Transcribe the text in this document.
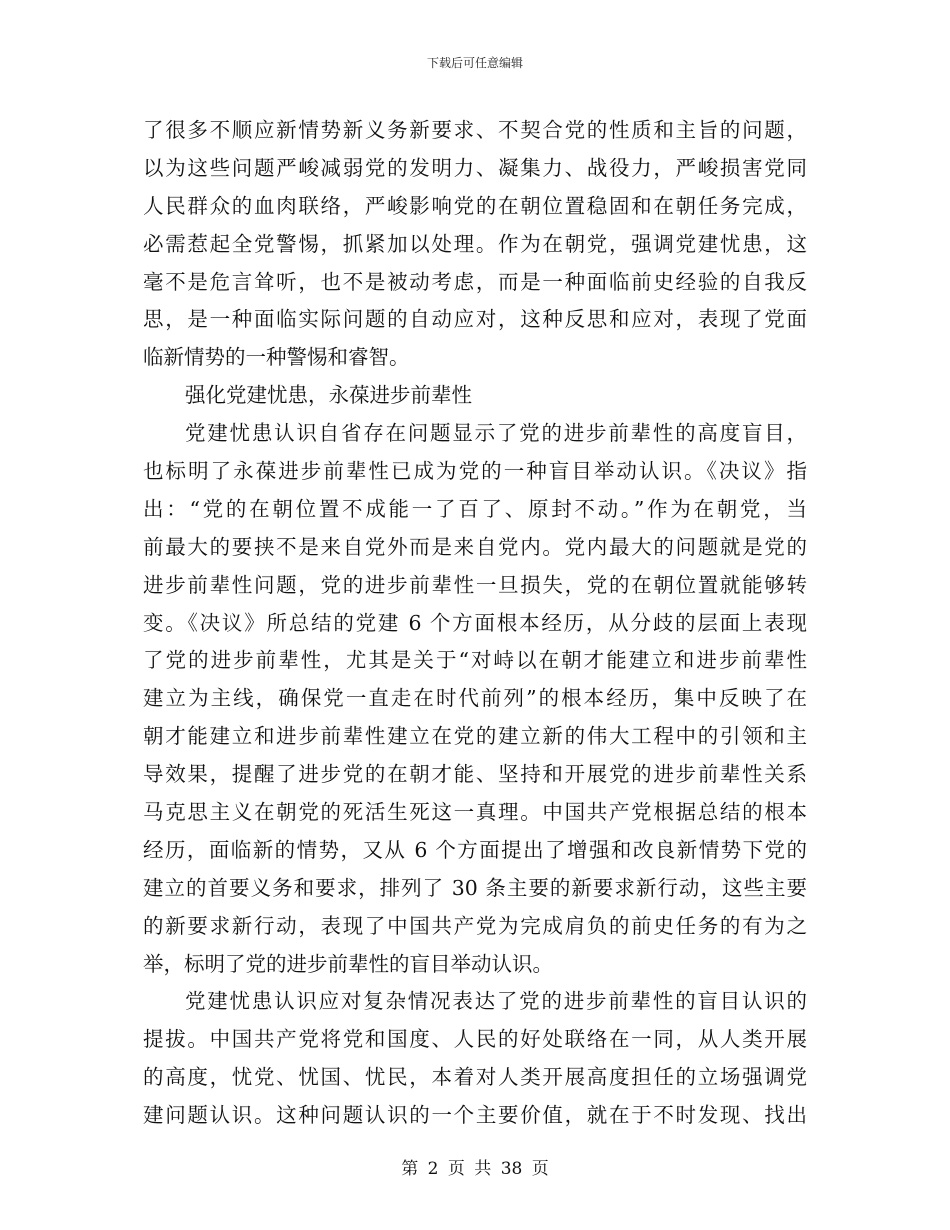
下载后可任意编辑
了很多不顺应新情势新义务新要求、不契合党的性质和主旨的问题，
以为这些问题严峻减弱党的发明力、凝集力、战役力，严峻损害党同
人民群众的血肉联络，严峻影响党的在朝位置稳固和在朝任务完成，
必需惹起全党警惕，抓紧加以处理。作为在朝党，强调党建忧患，这
毫不是危言耸听，也不是被动考虑，而是一种面临前史经验的自我反
思，是一种面临实际问题的自动应对，这种反思和应对，表现了党面
临新情势的一种警惕和睿智。
强化党建忧患，永葆进步前辈性
党建忧患认识自省存在问题显示了党的进步前辈性的高度盲目，
也标明了永葆进步前辈性已成为党的一种盲目举动认识。《决议》指
出：“党的在朝位置不成能一了百了、原封不动。”作为在朝党，当
前最大的要挟不是来自党外而是来自党内。党内最大的问题就是党的
进步前辈性问题，党的进步前辈性一旦损失，党的在朝位置就能够转
变。《决议》所总结的党建 6 个方面根本经历，从分歧的层面上表现
了党的进步前辈性，尤其是关于“对峙以在朝才能建立和进步前辈性
建立为主线，确保党一直走在时代前列”的根本经历，集中反映了在
朝才能建立和进步前辈性建立在党的建立新的伟大工程中的引领和主
导效果，提醒了进步党的在朝才能、坚持和开展党的进步前辈性关系
马克思主义在朝党的死活生死这一真理。中国共产党根据总结的根本
经历，面临新的情势，又从 6 个方面提出了增强和改良新情势下党的
建立的首要义务和要求，排列了 30 条主要的新要求新行动，这些主要
的新要求新行动，表现了中国共产党为完成肩负的前史任务的有为之
举，标明了党的进步前辈性的盲目举动认识。
党建忧患认识应对复杂情况表达了党的进步前辈性的盲目认识的
提拔。中国共产党将党和国度、人民的好处联络在一同，从人类开展
的高度，忧党、忧国、忧民，本着对人类开展高度担任的立场强调党
建问题认识。这种问题认识的一个主要价值，就在于不时发现、找出
第 2 页 共 38 页
